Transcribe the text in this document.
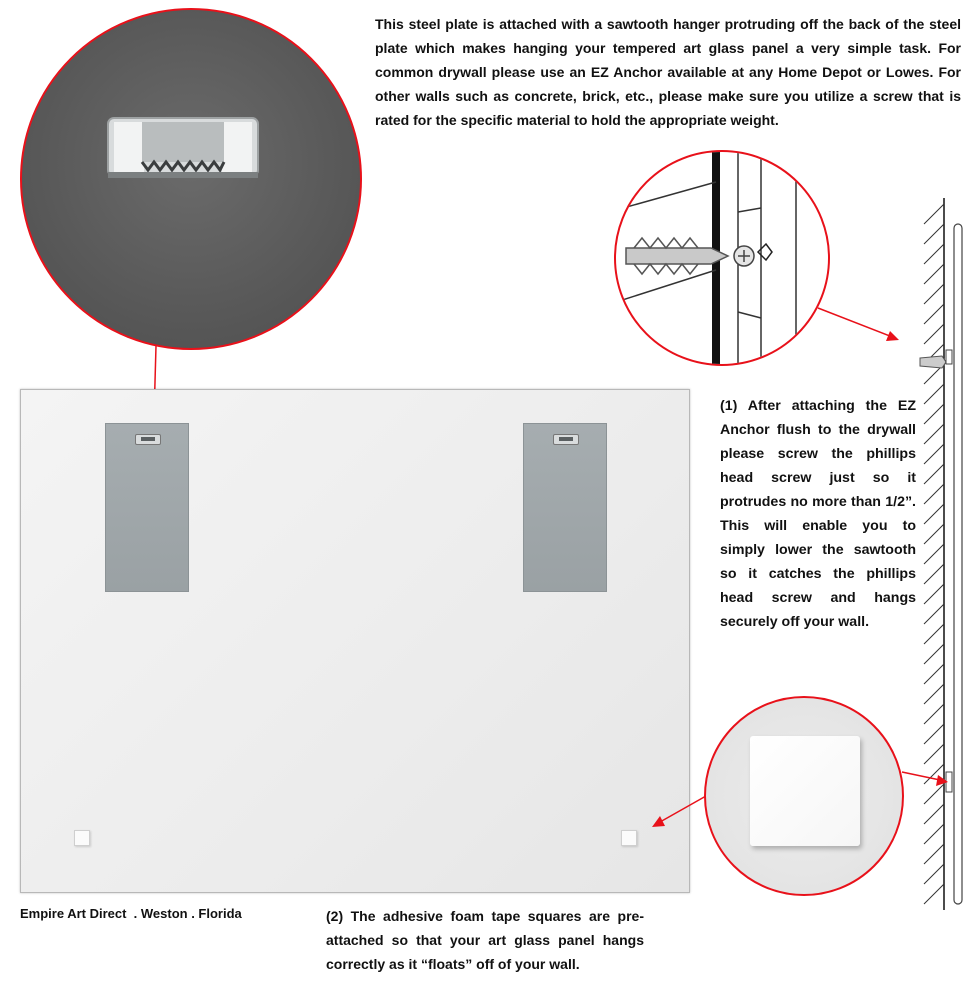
This steel plate is attached with a sawtooth hanger protruding off the back of the steel plate which makes hanging your tempered art glass panel a very simple task. For common drywall please use an EZ Anchor available at any Home Depot or Lowes. For other walls such as concrete, brick, etc., please make sure you utilize a screw that is rated for the specific material to hold the appropriate weight.

(1) After attaching the EZ Anchor flush to the drywall please screw the phillips head screw just so it protrudes no more than 1/2”. This will enable you to simply lower the sawtooth so it catches the phillips head screw and hangs securely off your wall.

Empire Art Direct  . Weston . Florida	(2) The adhesive foam tape squares are pre-attached so that your art glass panel hangs correctly as it “floats” off of your wall.
